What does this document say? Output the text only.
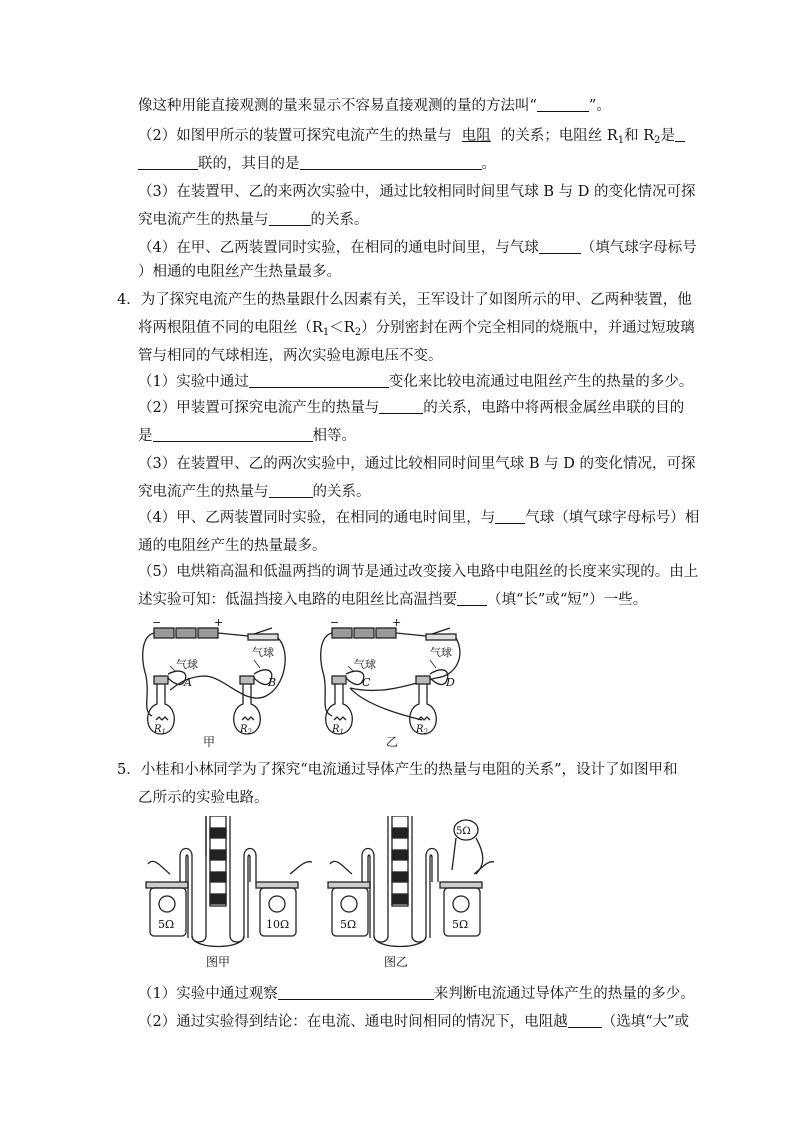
像这种用能直接观测的量来显示不容易直接观测的量的方法叫“	”。
（2）如图甲所示的装置可探究电流产生的热量与 电阻 的关系；电阻丝 $R_1$和 $R_2$是
联的，其目的是	。
（3）在装置甲、乙的来两次实验中，通过比较相同时间里气球 B 与 D 的变化情况可探
究电流产生的热量与	的关系。
（4）在甲、乙两装置同时实验，在相同的通电时间里，与气球	（填气球字母标号
）相通的电阻丝产生热量最多。
4．为了探究电流产生的热量跟什么因素有关，王军设计了如图所示的甲、乙两种装置，他
将两根阻值不同的电阻丝$(R_1<R_2)$分别密封在两个完全相同的烧瓶中，并通过短玻璃
管与相同的气球相连，两次实验电源电压不变。
（1）实验中通过	变化来比较电流通过电阻丝产生的热量的多少。
（2）甲装置可探究电流产生的热量与	的关系，电路中将两根金属丝串联的目的
是	相等。
（3）在装置甲、乙的两次实验中，通过比较相同时间里气球 B 与 D 的变化情况，可探
究电流产生的热量与	的关系。
（4）甲、乙两装置同时实验，在相同的通电时间里，与 气球（填气球字母标号）相
通的电阻丝产生的热量最多。
（5）电烘箱高温和低温两挡的调节是通过改变接入电路中电阻丝的长度来实现的。由上
述实验可知：低温挡接入电路的电阻丝比高温挡要 （填“长”或“短”）一些。
−	+	−	+
气球
气球
气球
气球
A	B	C	D
$R_1$	$R_2$	$R_1$	$R_2$
甲	乙
5．小桂和小林同学为了探究“电流通过导体产生的热量与电阻的关系”，设计了如图甲和
乙所示的实验电路。
5Ω	10Ω	5Ω	5Ω
5Ω
图甲	图乙
（1）实验中通过观察	来判断电流通过导体产生的热量的多少。
（2）通过实验得到结论：在电流、通电时间相同的情况下，电阻越 （选填“大”或
